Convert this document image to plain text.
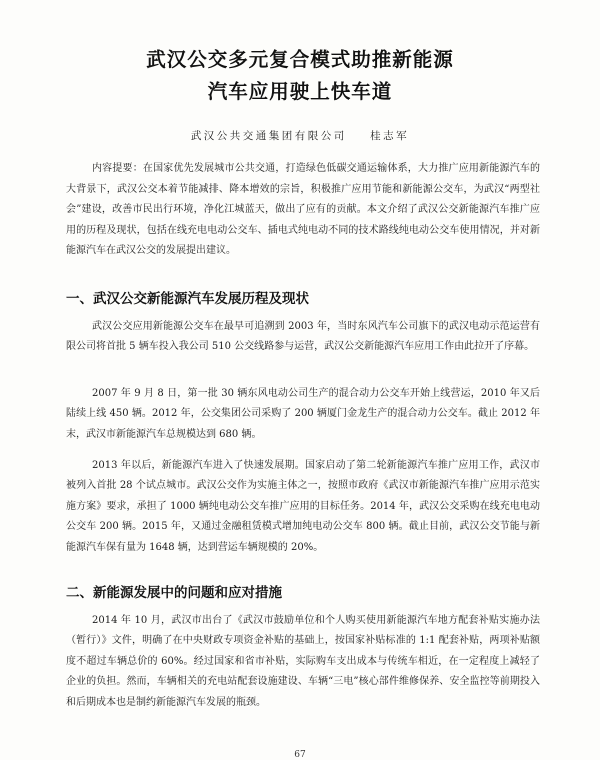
武汉公交多元复合模式助推新能源
汽车应用驶上快车道
武汉公共交通集团有限公司 桂志军
内容提要：在国家优先发展城市公共交通，打造绿色低碳交通运输体系，大力推广应用新能源汽车的大背景下，武汉公交本着节能减排、降本增效的宗旨，积极推广应用节能和新能源公交车，为武汉“两型社会”建设，改善市民出行环境，净化江城蓝天，做出了应有的贡献。本文介绍了武汉公交新能源汽车推广应用的历程及现状，包括在线充电电动公交车、插电式纯电动不同的技术路线纯电动公交车使用情况，并对新能源汽车在武汉公交的发展提出建议。
一、武汉公交新能源汽车发展历程及现状
武汉公交应用新能源公交车在最早可追溯到 2003 年，当时东风汽车公司旗下的武汉电动示范运营有限公司将首批 5 辆车投入我公司 510 公交线路参与运营，武汉公交新能源汽车应用工作由此拉开了序幕。
2007 年 9 月 8 日，第一批 30 辆东风电动公司生产的混合动力公交车开始上线营运，2010 年又后陆续上线 450 辆。2012 年，公交集团公司采购了 200 辆厦门金龙生产的混合动力公交车。截止 2012 年末，武汉市新能源汽车总规模达到 680 辆。
2013 年以后，新能源汽车进入了快速发展期。国家启动了第二轮新能源汽车推广应用工作，武汉市被列入首批 28 个试点城市。武汉公交作为实施主体之一，按照市政府《武汉市新能源汽车推广应用示范实施方案》要求，承担了 1000 辆纯电动公交车推广应用的目标任务。2014 年，武汉公交采购在线充电电动公交车 200 辆。2015 年，又通过金融租赁模式增加纯电动公交车 800 辆。截止目前，武汉公交节能与新能源汽车保有量为 1648 辆，达到营运车辆规模的 20%。
二、新能源发展中的问题和应对措施
2014 年 10 月，武汉市出台了《武汉市鼓励单位和个人购买使用新能源汽车地方配套补贴实施办法（暂行）》文件，明确了在中央财政专项资金补贴的基础上，按国家补贴标准的 1:1 配套补贴，两项补贴额度不超过车辆总价的 60%。经过国家和省市补贴，实际购车支出成本与传统车相近，在一定程度上减轻了企业的负担。然而，车辆相关的充电站配套设施建设、车辆“三电”核心部件维修保养、安全监控等前期投入和后期成本也是制约新能源汽车发展的瓶颈。
67
